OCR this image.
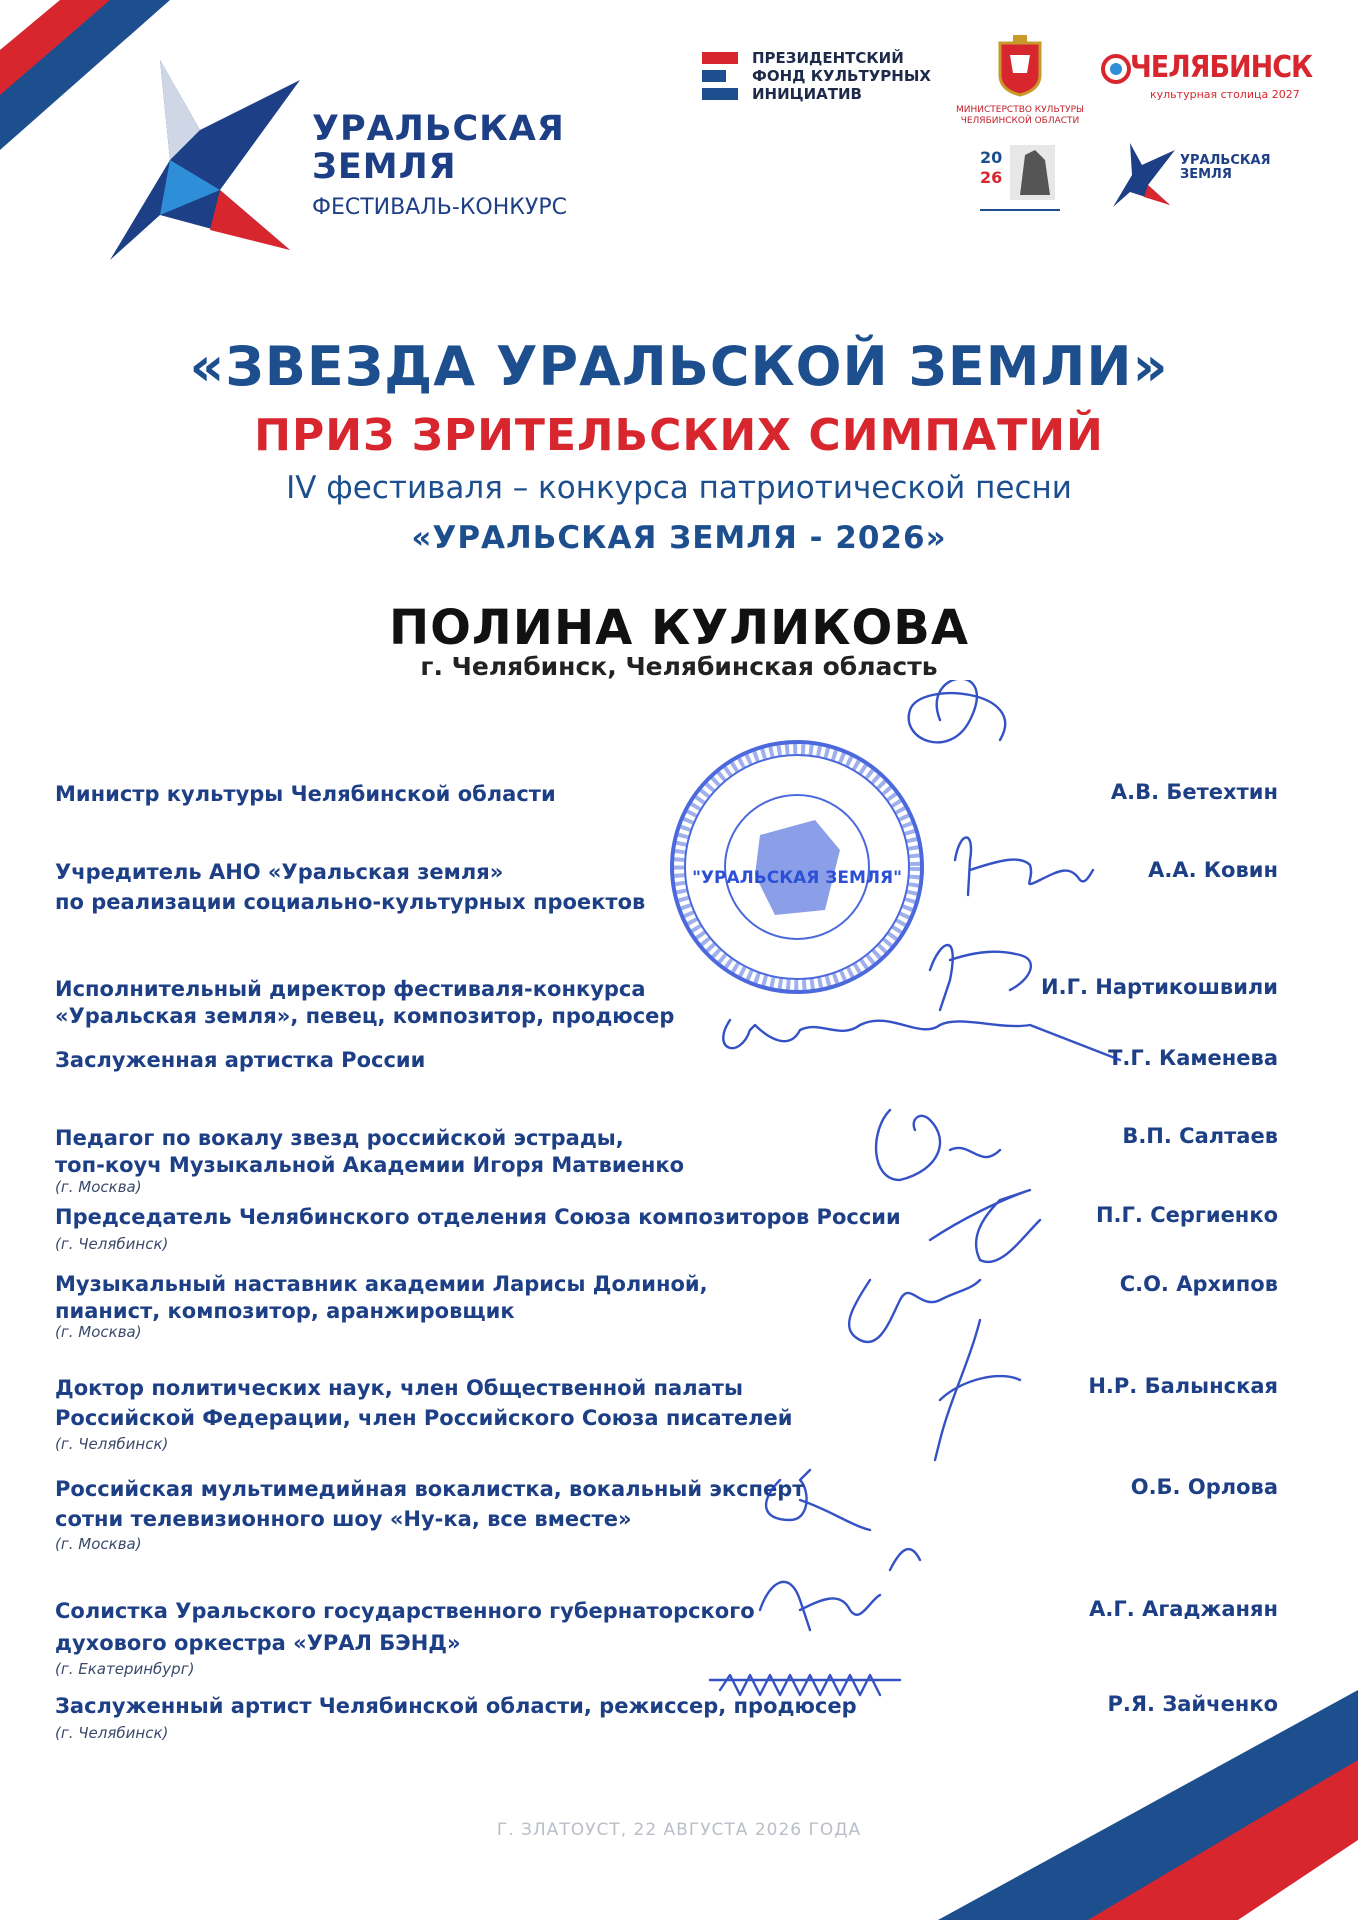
УРАЛЬСКАЯ
ЗЕМЛЯ
ФЕСТИВАЛЬ-КОНКУРС
ПРЕЗИДЕНТСКИЙ
ФОНД КУЛЬТУРНЫХ
ИНИЦИАТИВ
МИНИСТЕРСТВО КУЛЬТУРЫ
ЧЕЛЯБИНСКОЙ ОБЛАСТИ
ЧЕЛЯБИНСК
культурная столица 2027
20
26
УРАЛЬСКАЯ
ЗЕМЛЯ
«ЗВЕЗДА УРАЛЬСКОЙ ЗЕМЛИ»
ПРИЗ ЗРИТЕЛЬСКИХ СИМПАТИЙ
IV фестиваля – конкурса патриотической песни
«УРАЛЬСКАЯ ЗЕМЛЯ - 2026»
ПОЛИНА КУЛИКОВА
г. Челябинск, Челябинская область
Министр культуры Челябинской области	А.В. Бетехтин
Учредитель АНО «Уральская земля»
по реализации социально-культурных проектов
А.А. Ковин
Исполнительный директор фестиваля-конкурса
«Уральская земля», певец, композитор, продюсер
И.Г. Нартикошвили
Заслуженная артистка России	Т.Г. Каменева
Педагог по вокалу звезд российской эстрады,
топ-коуч Музыкальной Академии Игоря Матвиенко
(г. Москва)
В.П. Салтаев
Председатель Челябинского отделения Союза композиторов России
(г. Челябинск)
П.Г. Сергиенко
Музыкальный наставник академии Ларисы Долиной,
пианист, композитор, аранжировщик
(г. Москва)
С.О. Архипов
Доктор политических наук, член Общественной палаты
Российской Федерации, член Российского Союза писателей
(г. Челябинск)
Н.Р. Балынская
Российская мультимедийная вокалистка, вокальный эксперт
сотни телевизионного шоу «Ну-ка, все вместе»
(г. Москва)
О.Б. Орлова
Солистка Уральского государственного губернаторского
духового оркестра «УРАЛ БЭНД»
(г. Екатеринбург)
А.Г. Агаджанян
Заслуженный артист Челябинской области, режиссер, продюсер
(г. Челябинск)
Р.Я. Зайченко
"УРАЛЬСКАЯ ЗЕМЛЯ"
Г. ЗЛАТОУСТ, 22 АВГУСТА 2026 ГОДА
